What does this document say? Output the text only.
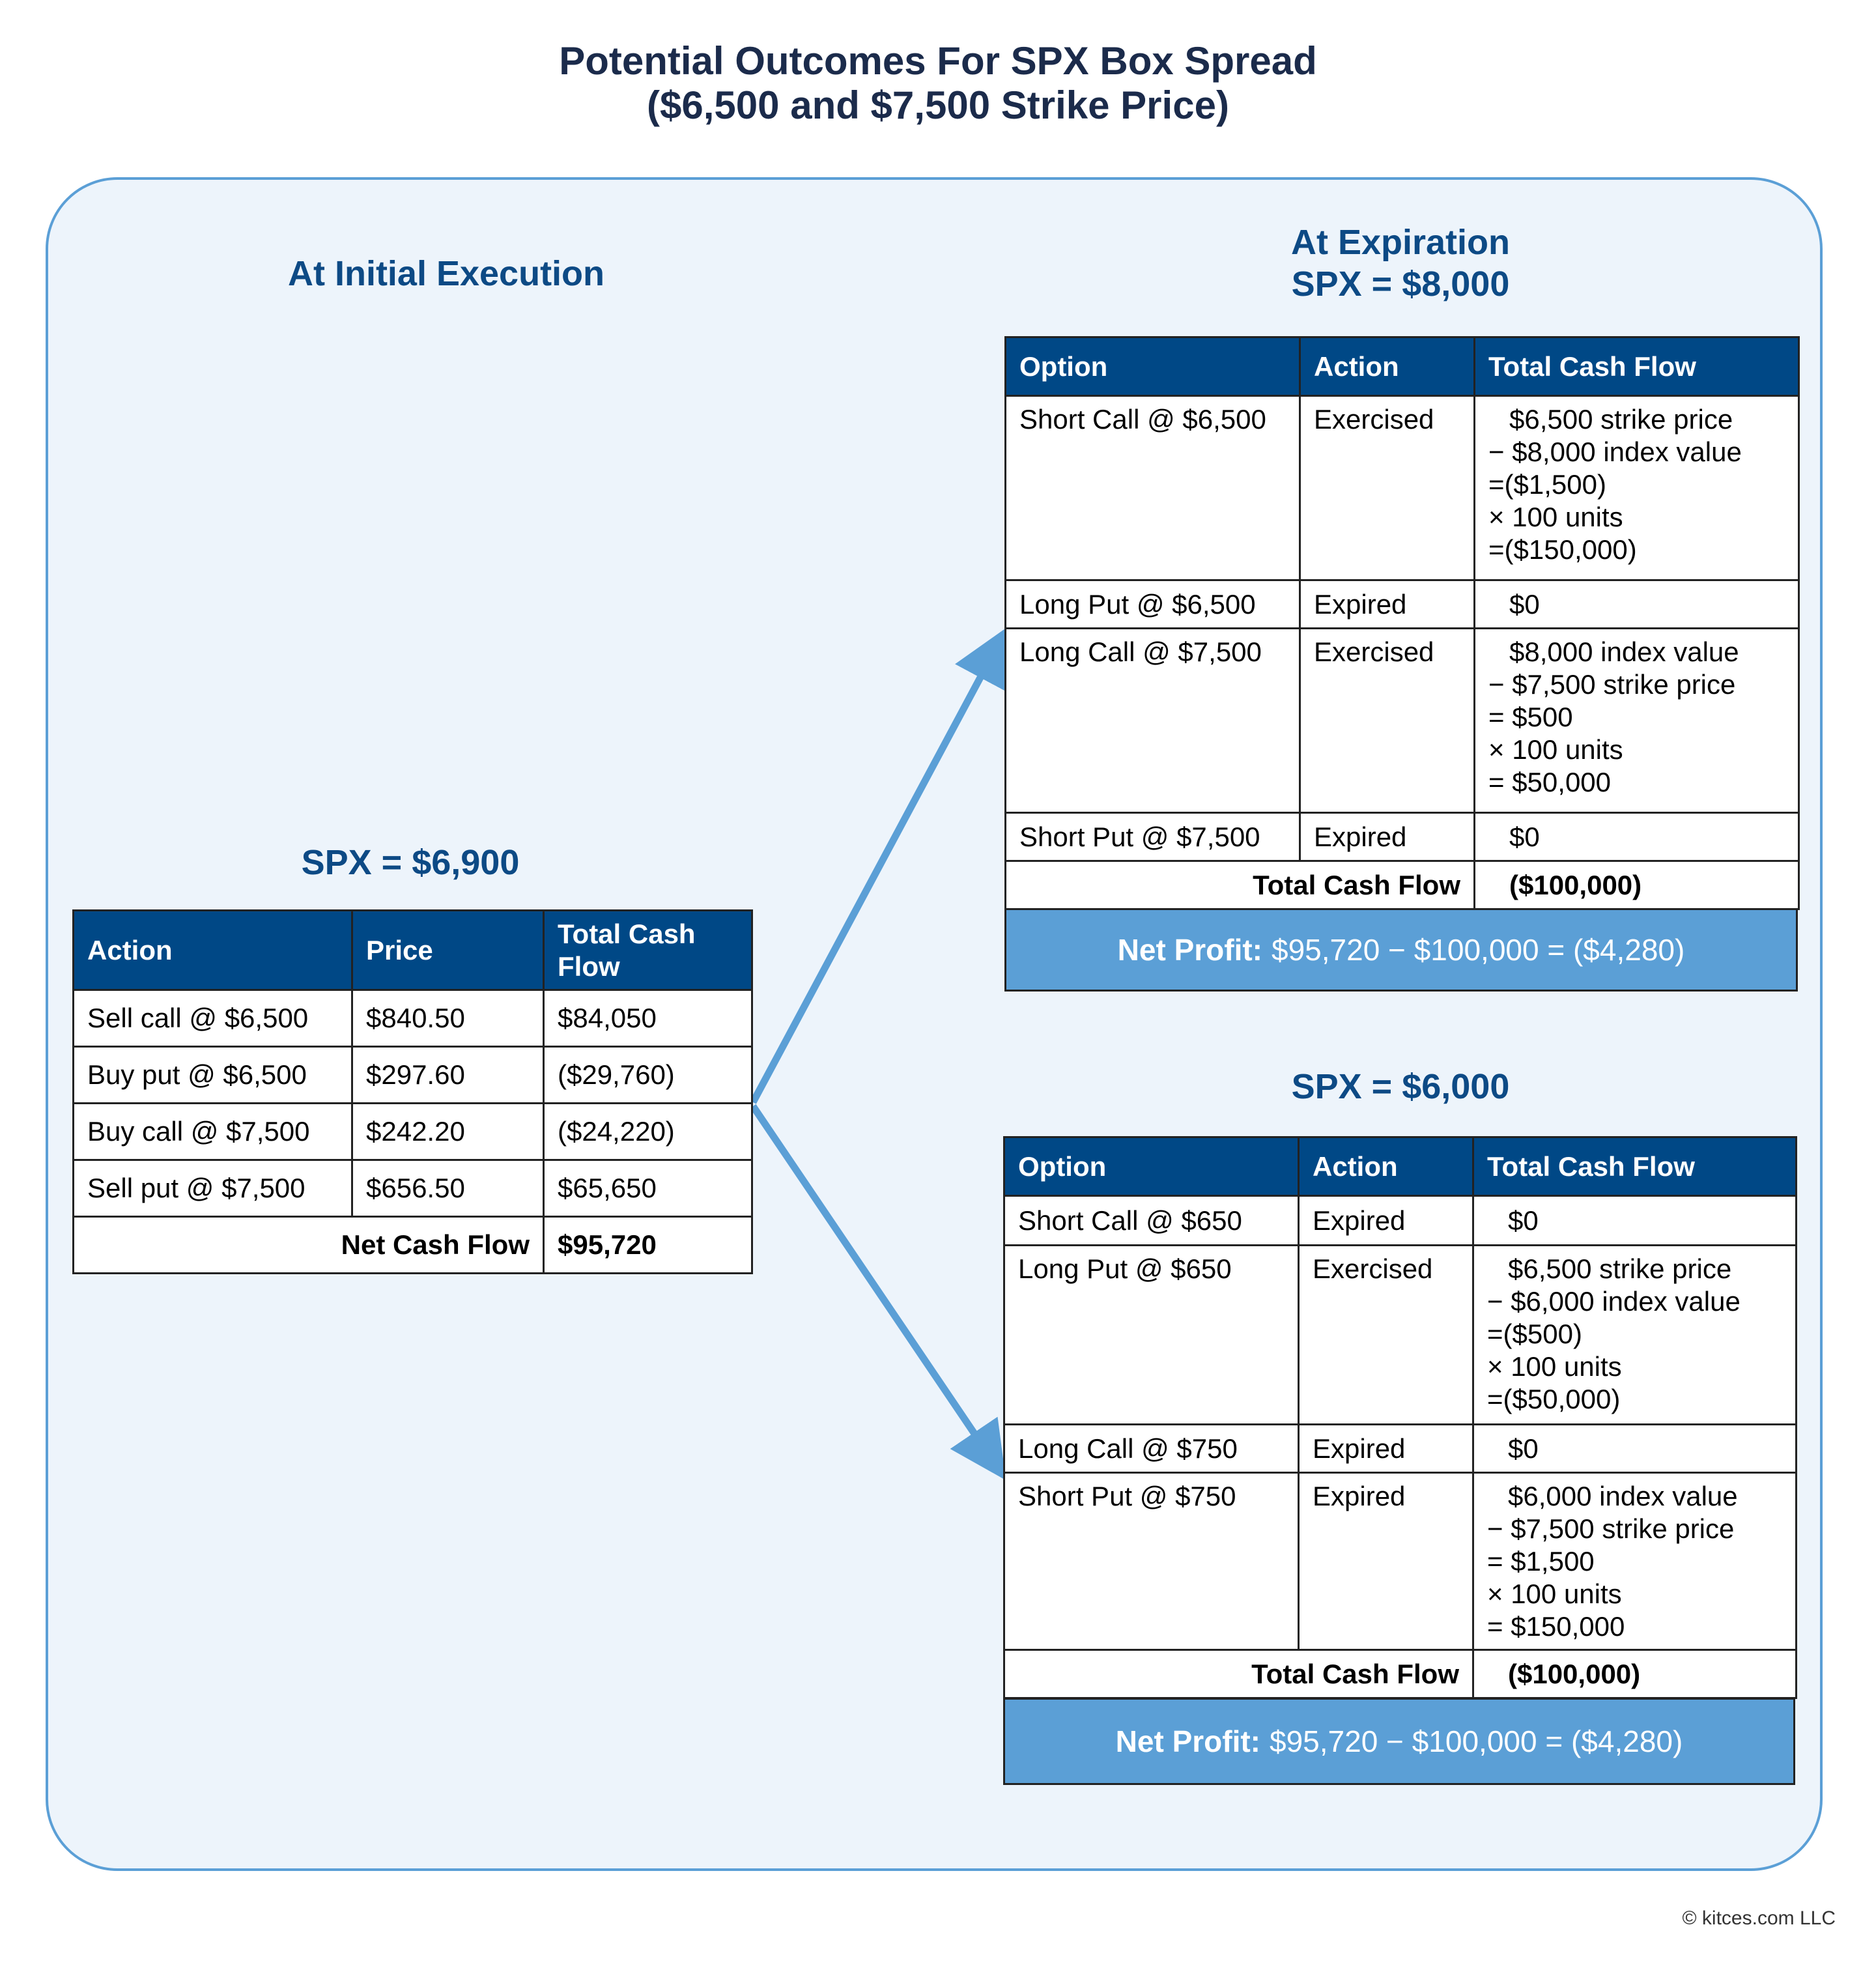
Potential Outcomes For SPX Box Spread
($6,500 and $7,500 Strike Price)
At Initial Execution
SPX = $6,900
Action	Price	Total Cash Flow
Sell call @ $6,500	$840.50	$84,050
Buy put @ $6,500	$297.60	($29,760)
Buy call @ $7,500	$242.20	($24,220)
Sell put @ $7,500	$656.50	$65,650
Net Cash Flow		$95,720
At Expiration
SPX = $8,000
Option	Action	Total Cash Flow
Short Call @ $6,500	Exercised	$6,500 strike price
− $8,000 index value
=($1,500)
× 100 units
=($150,000)

Long Put @ $6,500	Expired	$0

Long Call @ $7,500	Exercised	$8,000 index value
− $7,500 strike price
= $500
× 100 units
= $50,000

Short Put @ $7,500	Expired	$0

Total Cash Flow		($100,000)
Net Profit: $95,720 − $100,000 = ($4,280)
SPX = $6,000
Option	Action	Total Cash Flow
Short Call @ $650	Expired	$0

Long Put @ $650	Exercised	$6,500 strike price
− $6,000 index value
=($500)
× 100 units
=($50,000)

Long Call @ $750	Expired	$0

Short Put @ $750	Expired	$6,000 index value
− $7,500 strike price
= $1,500
× 100 units
= $150,000

Total Cash Flow		($100,000)
Net Profit: $95,720 − $100,000 = ($4,280)
© kitces.com LLC
